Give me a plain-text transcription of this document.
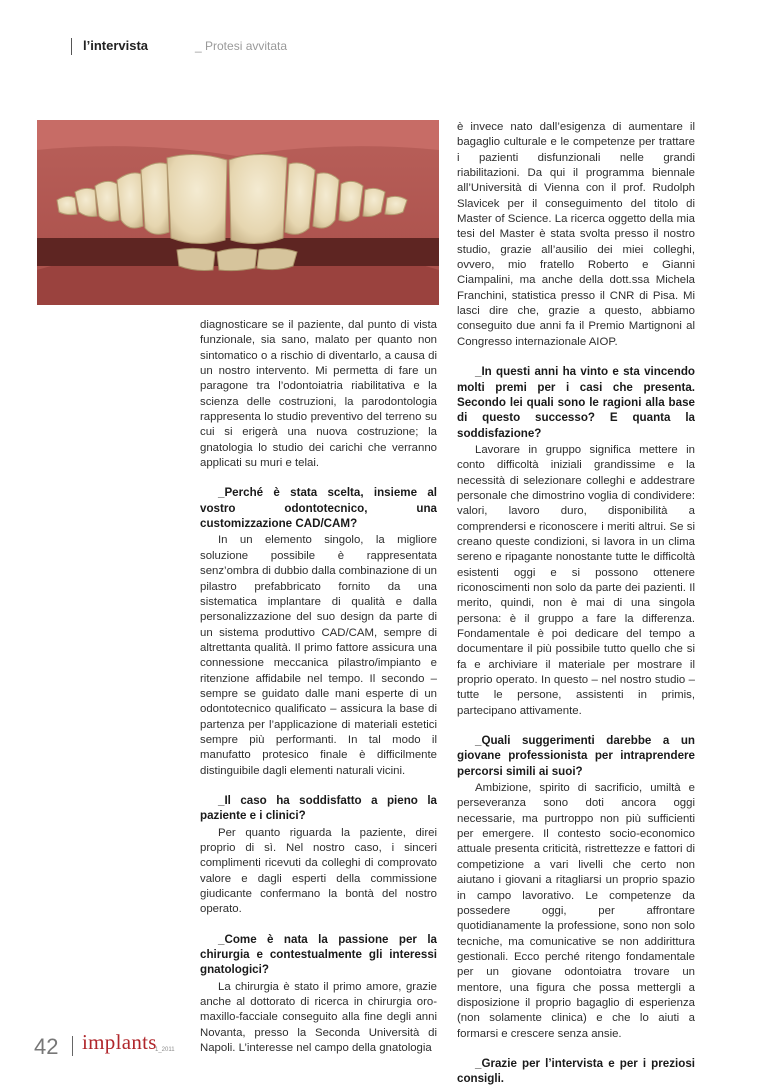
l’intervista	_ Protesi avvitata

diagnosticare se il paziente, dal punto di vista funzionale, sia sano, malato per quanto non sintomatico o a rischio di diventarlo, a causa di un nostro intervento. Mi permetta di fare un paragone tra l’odontoiatria riabilitativa e la scienza delle costruzioni, la parodontologia rappresenta lo studio preventivo del terreno su cui si erigerà una nuova costruzione; la gnatologia lo studio dei carichi che verranno applicati su muri e telai.

_Perché è stata scelta, insieme al vostro odontotecnico, una customizzazione CAD/CAM?

In un elemento singolo, la migliore soluzione possibile è rappresentata senz’ombra di dubbio dalla combinazione di un pilastro prefabbricato fornito da una sistematica implantare di qualità e dalla personalizzazione del suo design da parte di un sistema produttivo CAD/CAM, sempre di altrettanta qualità. Il primo fattore assicura una connessione meccanica pilastro/impianto e ritenzione affidabile nel tempo. Il secondo – sempre se guidato dalle mani esperte di un odontotecnico qualificato – assicura la base di partenza per l’applicazione di materiali estetici sempre più performanti. In tal modo il manufatto protesico finale è difficilmente distinguibile dagli elementi naturali vicini.

_Il caso ha soddisfatto a pieno la paziente e i clinici?

Per quanto riguarda la paziente, direi proprio di sì. Nel nostro caso, i sinceri complimenti ricevuti da colleghi di comprovato valore e dagli esperti della commissione giudicante confermano la bontà del nostro operato.

_Come è nata la passione per la chirurgia e contestualmente gli interessi gnatologici?

La chirurgia è stato il primo amore, grazie anche al dottorato di ricerca in chirurgia oro-maxillo-facciale conseguito alla fine degli anni Novanta, presso la Seconda Università di Napoli. L’interesse nel campo della gnatologia

è invece nato dall’esigenza di aumentare il bagaglio culturale e le competenze per trattare i pazienti disfunzionali nelle grandi riabilitazioni. Da qui il programma biennale all’Università di Vienna con il prof. Rudolph Slavicek per il conseguimento del titolo di Master of Science. La ricerca oggetto della mia tesi del Master è stata svolta presso il nostro studio, grazie all’ausilio dei miei colleghi, ovvero, mio fratello Roberto e Gianni Ciampalini, ma anche della dott.ssa Michela Franchini, statistica presso il CNR di Pisa. Mi lasci dire che, grazie a questo, abbiamo conseguito due anni fa il Premio Martignoni al Congresso internazionale AIOP.

_In questi anni ha vinto e sta vincendo molti premi per i casi che presenta. Secondo lei quali sono le ragioni alla base di questo successo? E quanta la soddisfazione?

Lavorare in gruppo significa mettere in conto difficoltà iniziali grandissime e la necessità di selezionare colleghi e addestrare personale che dimostrino voglia di condividere: valori, lavoro duro, disponibilità a comprendersi e riconoscere i meriti altrui. Se si creano queste condizioni, si lavora in un clima sereno e ripagante nonostante tutte le difficoltà esistenti oggi e si possono ottenere riconoscimenti non solo da parte dei pazienti. Il merito, quindi, non è mai di una singola persona: è il gruppo a fare la differenza. Fondamentale è poi dedicare del tempo a documentare il più possibile tutto quello che si fa e archiviare il materiale per mostrare il proprio operato. In questo – nel nostro studio – tutte le persone, assistenti in primis, partecipano attivamente.

_Quali suggerimenti darebbe a un giovane professionista per intraprendere percorsi simili ai suoi?

Ambizione, spirito di sacrificio, umiltà e perseveranza sono doti ancora oggi necessarie, ma purtroppo non più sufficienti per emergere. Il contesto socio-economico attuale presenta criticità, ristrettezze e fattori di competizione a vari livelli che certo non aiutano i giovani a ritagliarsi un proprio spazio in campo lavorativo. Le competenze da possedere oggi, per affrontare quotidianamente la professione, sono non solo tecniche, ma comunicative se non addirittura gestionali. Ecco perché ritengo fondamentale per un giovane odontoiatra trovare un mentore, una figura che possa mettergli a disposizione il proprio bagaglio di esperienza (non solamente clinica) e che lo aiuti a formarsi e crescere senza ansie.

_Grazie per l’intervista e per i preziosi consigli.
42 implants
1_2011
